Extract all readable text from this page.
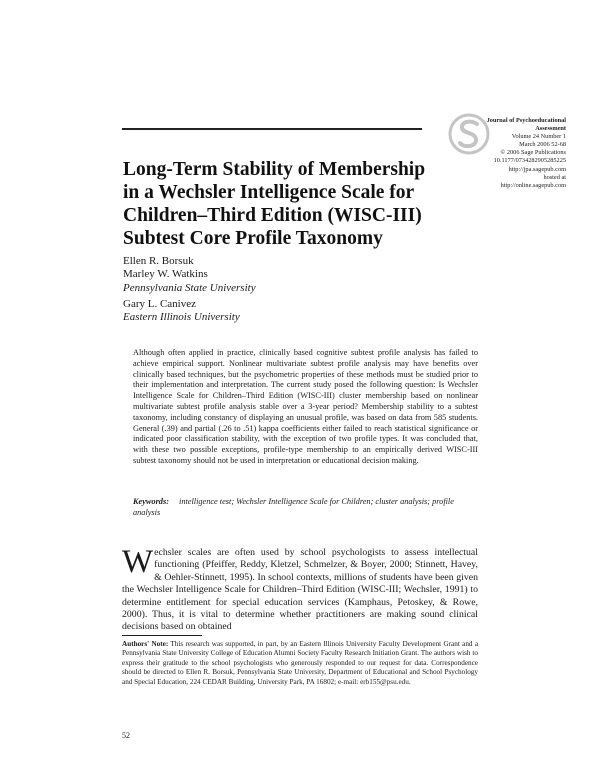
Journal of Psychoeducational
Assessment
Volume 24 Number 1
March 2006 52-68
© 2006 Sage Publications
10.1177/0734282905285225
http://jpa.sagepub.com
hosted at
http://online.sagepub.com
Long-Term Stability of Membership
in a Wechsler Intelligence Scale for
Children–Third Edition (WISC-III)
Subtest Core Profile Taxonomy
Ellen R. Borsuk
Marley W. Watkins
Pennsylvania State University
Gary L. Canivez
Eastern Illinois University
Although often applied in practice, clinically based cognitive subtest profile analysis has failed to achieve empirical support. Nonlinear multivariate subtest profile analysis may have benefits over clinically based techniques, but the psychometric properties of these methods must be studied prior to their implementation and interpretation. The current study posed the following question: Is Wechsler Intelligence Scale for Children–Third Edition (WISC-III) cluster membership based on nonlinear multivariate subtest profile analysis stable over a 3-year period? Membership stability to a subtest taxonomy, including constancy of displaying an unusual profile, was based on data from 585 students. General (.39) and partial (.26 to .51) kappa coefficients either failed to reach statistical significance or indicated poor classification stability, with the exception of two profile types. It was concluded that, with these two possible exceptions, profile-type membership to an empirically derived WISC-III subtest taxonomy should not be used in interpretation or educational decision making.
Keywords: intelligence test; Wechsler Intelligence Scale for Children; cluster analysis; profile analysis
W echsler scales are often used by school psychologists to assess intellectual functioning (Pfeiffer, Reddy, Kletzel, Schmelzer, & Boyer, 2000; Stinnett, Havey, & Oehler-Stinnett, 1995). In school contexts, millions of students have been given the Wechsler Intelligence Scale for Children–Third Edition (WISC-III; Wechsler, 1991) to determine entitlement for special education services (Kamphaus, Petoskey, & Rowe, 2000). Thus, it is vital to determine whether practitioners are making sound clinical decisions based on obtained
Authors' Note: This research was supported, in part, by an Eastern Illinois University Faculty Development Grant and a Pennsylvania State University College of Education Alumni Society Faculty Research Initiation Grant. The authors wish to express their gratitude to the school psychologists who generously responded to our request for data. Correspondence should be directed to Ellen R. Borsuk, Pennsylvania State University, Department of Educational and School Psychology and Special Education, 224 CEDAR Building, University Park, PA 16802; e-mail: erb155@psu.edu.
52
